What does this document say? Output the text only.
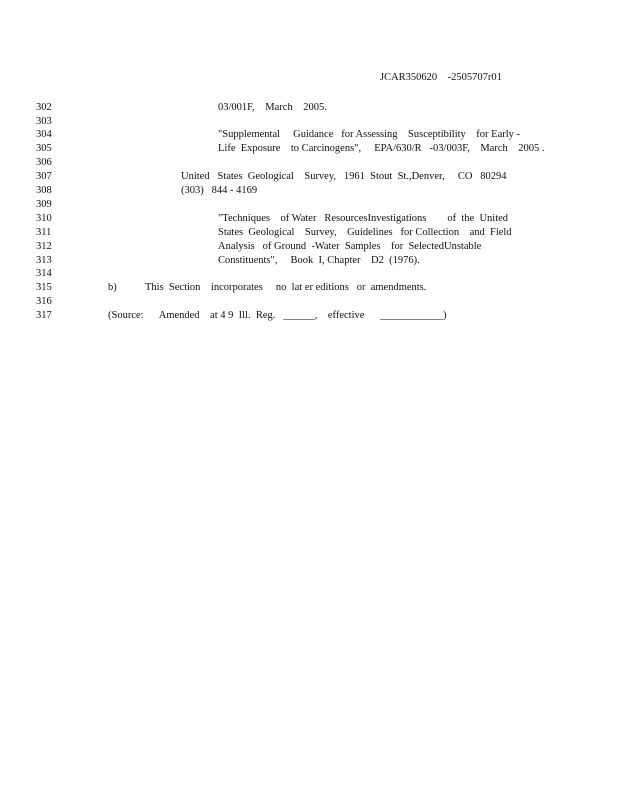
JCAR350620    -2505707r01
302	03/001F,    March    2005.
303
304	"Supplemental     Guidance   for Assessing    Susceptibility    for Early -
305	Life  Exposure    to Carcinogens",     EPA/630/R   -03/003F,    March    2005 .
306
307	United   States  Geological    Survey,   1961  Stout  St.,Denver,     CO   80294
308	(303)   844 - 4169
309
310	"Techniques    of Water   ResourcesInvestigations        of  the  United
311	States  Geological    Survey,    Guidelines   for Collection    and  Field
312	Analysis   of Ground  -Water  Samples    for  SelectedUnstable
313	Constituents",     Book  I, Chapter    D2  (1976).
314
315	b)	This  Section    incorporates     no  lat er editions   or  amendments.
316
317	(Source:      Amended    at 4 9  Ill.  Reg.   ______,    effective      ____________)
